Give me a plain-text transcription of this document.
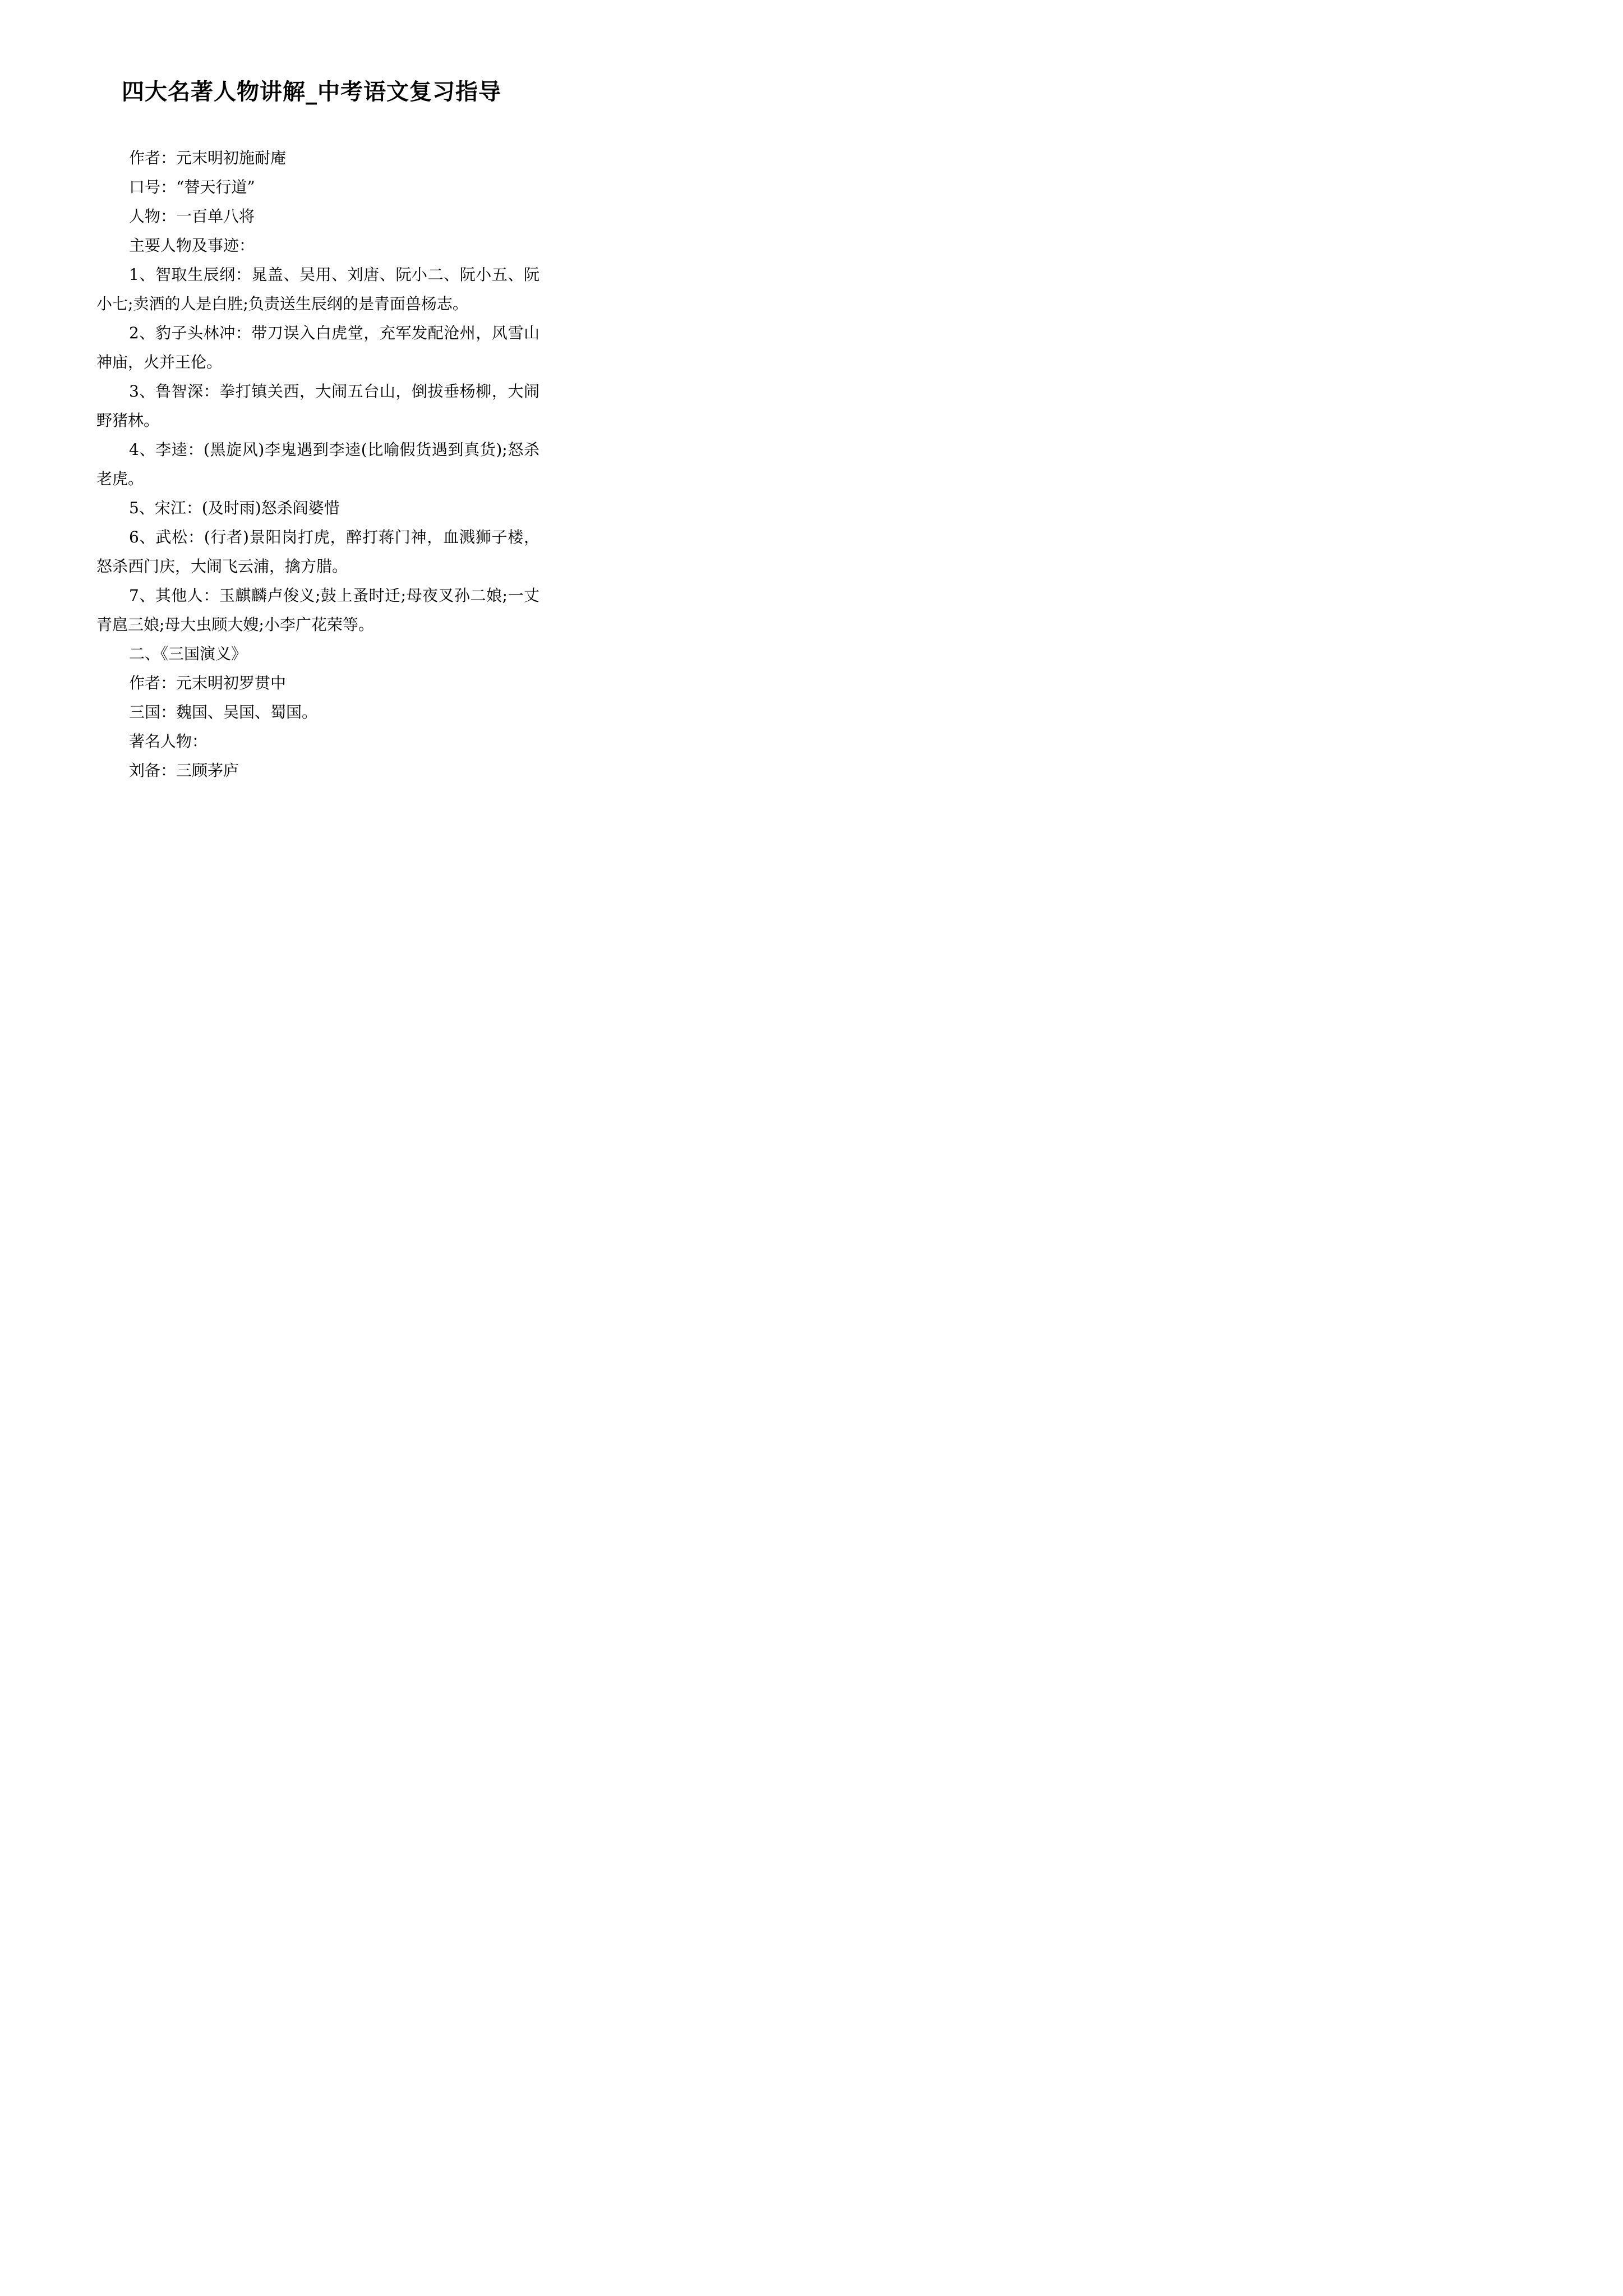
四大名著人物讲解_中考语文复习指导

作者：元末明初施耐庵

口号：“替天行道”

人物：一百单八将

主要人物及事迹：

1、智取生辰纲：晁盖、吴用、刘唐、阮小二、阮小五、阮小七;卖酒的人是白胜;负责送生辰纲的是青面兽杨志。

2、豹子头林冲：带刀误入白虎堂，充军发配沧州，风雪山神庙，火并王伦。

3、鲁智深：拳打镇关西，大闹五台山，倒拔垂杨柳，大闹野猪林。

4、李逵：(黑旋风)李鬼遇到李逵(比喻假货遇到真货);怒杀老虎。

5、宋江：(及时雨)怒杀阎婆惜

6、武松：(行者)景阳岗打虎，醉打蒋门神，血溅狮子楼，怒杀西门庆，大闹飞云浦，擒方腊。

7、其他人：玉麒麟卢俊义;鼓上蚤时迁;母夜叉孙二娘;一丈青扈三娘;母大虫顾大嫂;小李广花荣等。

二、《三国演义》

作者：元末明初罗贯中

三国：魏国、吴国、蜀国。

著名人物：

刘备：三顾茅庐
